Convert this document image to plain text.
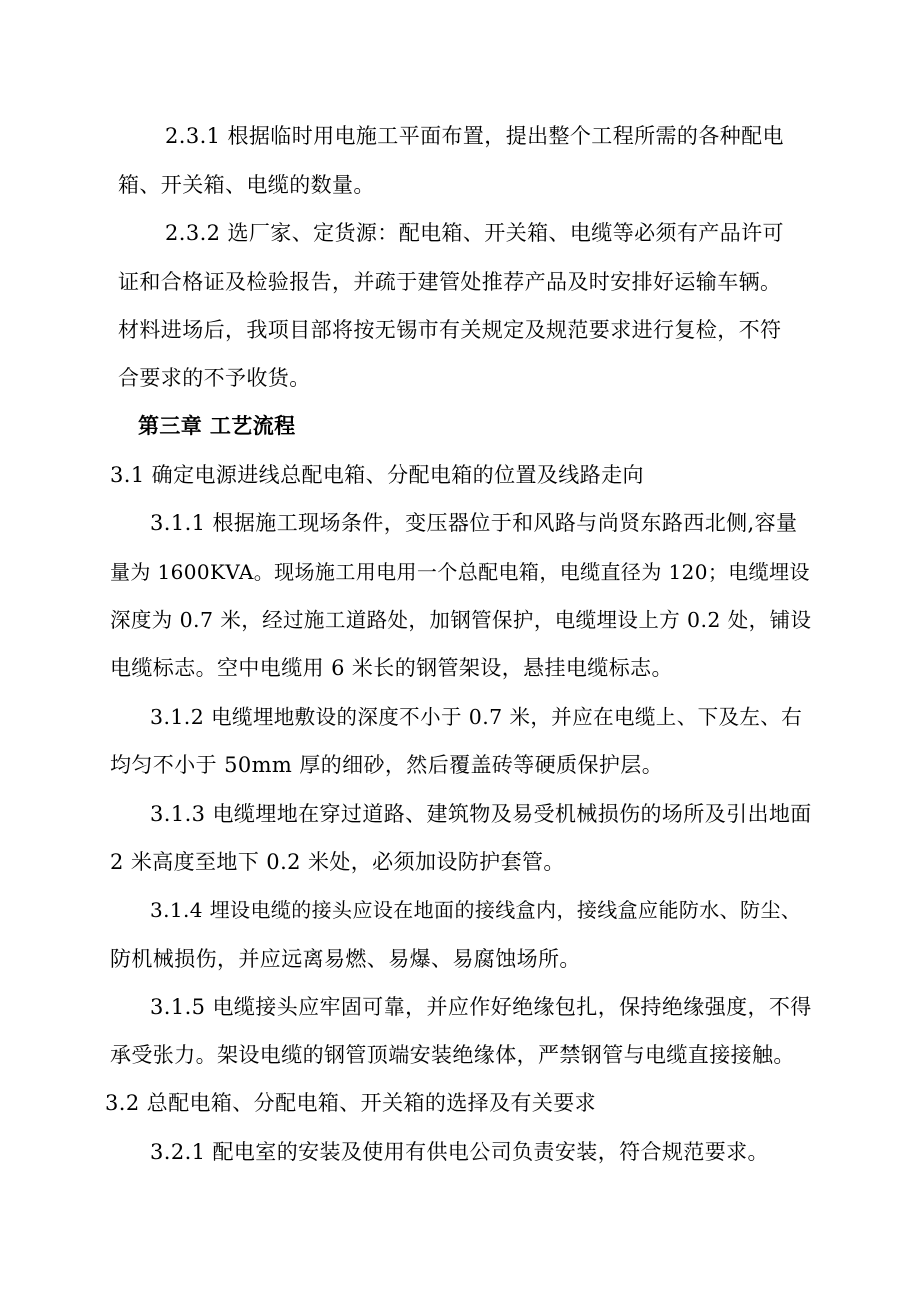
2.3.1 根据临时用电施工平面布置，提出整个工程所需的各种配电
箱、开关箱、电缆的数量。
2.3.2 选厂家、定货源：配电箱、开关箱、电缆等必须有产品许可
证和合格证及检验报告，并疏于建管处推荐产品及时安排好运输车辆。
材料进场后，我项目部将按无锡市有关规定及规范要求进行复检，不符
合要求的不予收货。
第三章 工艺流程
3.1 确定电源进线总配电箱、分配电箱的位置及线路走向
3.1.1 根据施工现场条件，变压器位于和风路与尚贤东路西北侧,容量
量为 1600KVA。现场施工用电用一个总配电箱，电缆直径为 120；电缆埋设
深度为 0.7 米，经过施工道路处，加钢管保护，电缆埋设上方 0.2 处，铺设
电缆标志。空中电缆用 6 米长的钢管架设，悬挂电缆标志。
3.1.2 电缆埋地敷设的深度不小于 0.7 米，并应在电缆上、下及左、右
均匀不小于 50mm 厚的细砂，然后覆盖砖等硬质保护层。
3.1.3 电缆埋地在穿过道路、建筑物及易受机械损伤的场所及引出地面
2 米高度至地下 0.2 米处，必须加设防护套管。
3.1.4 埋设电缆的接头应设在地面的接线盒内，接线盒应能防水、防尘、
防机械损伤，并应远离易燃、易爆、易腐蚀场所。
3.1.5 电缆接头应牢固可靠，并应作好绝缘包扎，保持绝缘强度，不得
承受张力。架设电缆的钢管顶端安装绝缘体，严禁钢管与电缆直接接触。
3.2 总配电箱、分配电箱、开关箱的选择及有关要求
3.2.1 配电室的安装及使用有供电公司负责安装，符合规范要求。
